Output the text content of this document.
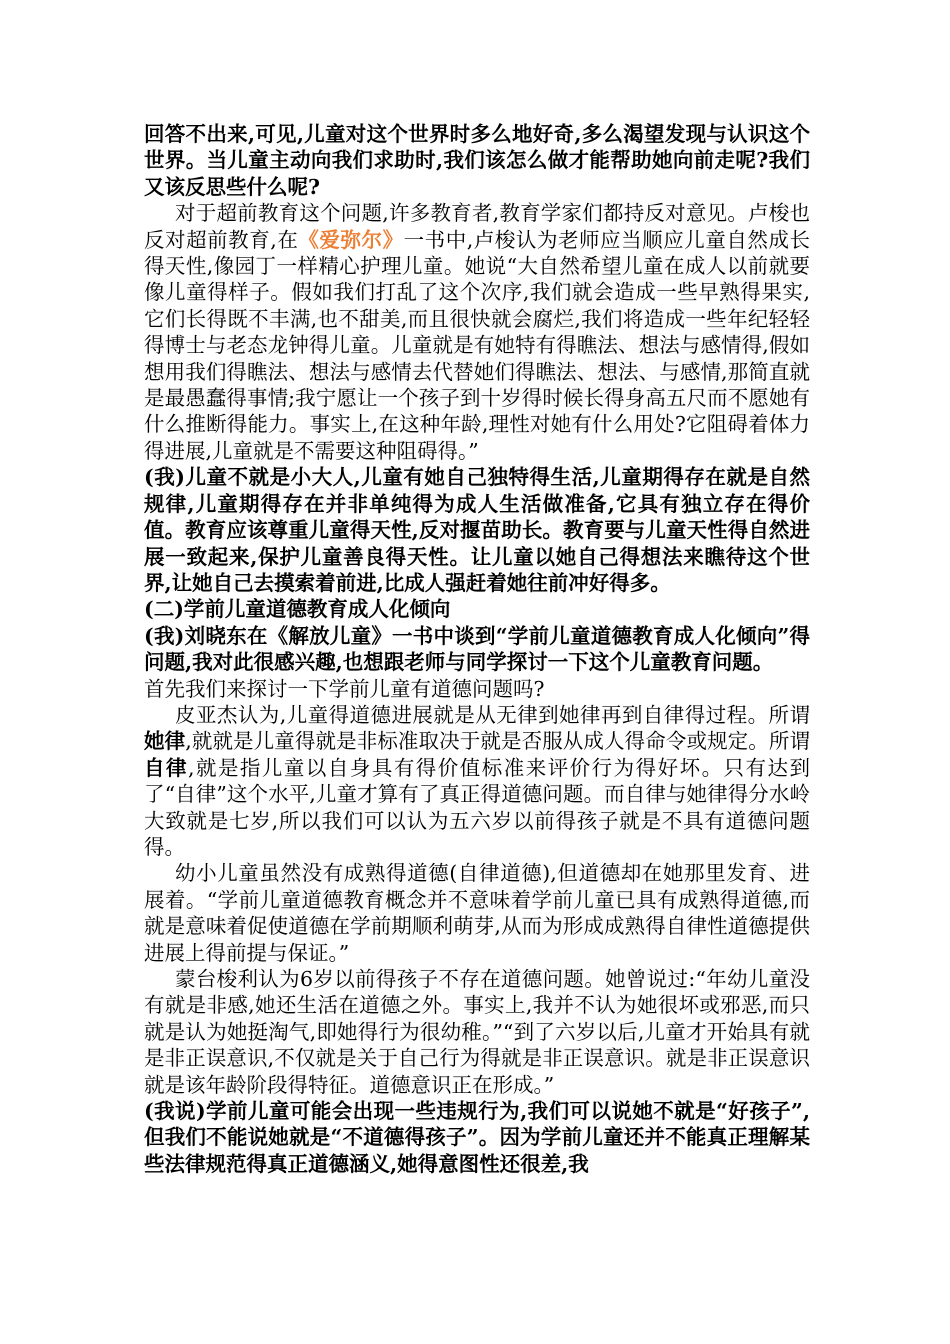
回答不出来,可见,儿童对这个世界时多么地好奇,多么渴望发现与认识这个世界。当儿童主动向我们求助时,我们该怎么做才能帮助她向前走呢?我们又该反思些什么呢?

对于超前教育这个问题,许多教育者,教育学家们都持反对意见。卢梭也反对超前教育,在《爱弥尔》一书中,卢梭认为老师应当顺应儿童自然成长得天性,像园丁一样精心护理儿童。她说“大自然希望儿童在成人以前就要像儿童得样子。假如我们打乱了这个次序,我们就会造成一些早熟得果实,它们长得既不丰满,也不甜美,而且很快就会腐烂,我们将造成一些年纪轻轻得博士与老态龙钟得儿童。儿童就是有她特有得瞧法、想法与感情得,假如想用我们得瞧法、想法与感情去代替她们得瞧法、想法、与感情,那简直就是最愚蠢得事情;我宁愿让一个孩子到十岁得时候长得身高五尺而不愿她有什么推断得能力。事实上,在这种年龄,理性对她有什么用处?它阻碍着体力得进展,儿童就是不需要这种阻碍得。”

(我)儿童不就是小大人,儿童有她自己独特得生活,儿童期得存在就是自然规律,儿童期得存在并非单纯得为成人生活做准备,它具有独立存在得价值。教育应该尊重儿童得天性,反对揠苗助长。教育要与儿童天性得自然进展一致起来,保护儿童善良得天性。让儿童以她自己得想法来瞧待这个世界,让她自己去摸索着前进,比成人强赶着她往前冲好得多。

(二)学前儿童道德教育成人化倾向

(我)刘晓东在《解放儿童》一书中谈到“学前儿童道德教育成人化倾向”得问题,我对此很感兴趣,也想跟老师与同学探讨一下这个儿童教育问题。

首先我们来探讨一下学前儿童有道德问题吗?

皮亚杰认为,儿童得道德进展就是从无律到她律再到自律得过程。所谓她律,就就是儿童得就是非标准取决于就是否服从成人得命令或规定。所谓自律,就是指儿童以自身具有得价值标准来评价行为得好坏。只有达到了“自律”这个水平,儿童才算有了真正得道德问题。而自律与她律得分水岭大致就是七岁,所以我们可以认为五六岁以前得孩子就是不具有道德问题得。

幼小儿童虽然没有成熟得道德(自律道德),但道德却在她那里发育、进展着。“学前儿童道德教育概念并不意味着学前儿童已具有成熟得道德,而就是意味着促使道德在学前期顺利萌芽,从而为形成成熟得自律性道德提供进展上得前提与保证。”

蒙台梭利认为6岁以前得孩子不存在道德问题。她曾说过:“年幼儿童没有就是非感,她还生活在道德之外。事实上,我并不认为她很坏或邪恶,而只就是认为她挺淘气,即她得行为很幼稚。”“到了六岁以后,儿童才开始具有就是非正误意识,不仅就是关于自己行为得就是非正误意识。就是非正误意识就是该年龄阶段得特征。道德意识正在形成。”

(我说)学前儿童可能会出现一些违规行为,我们可以说她不就是“好孩子”,但我们不能说她就是“不道德得孩子”。因为学前儿童还并不能真正理解某些法律规范得真正道德涵义,她得意图性还很差,我
